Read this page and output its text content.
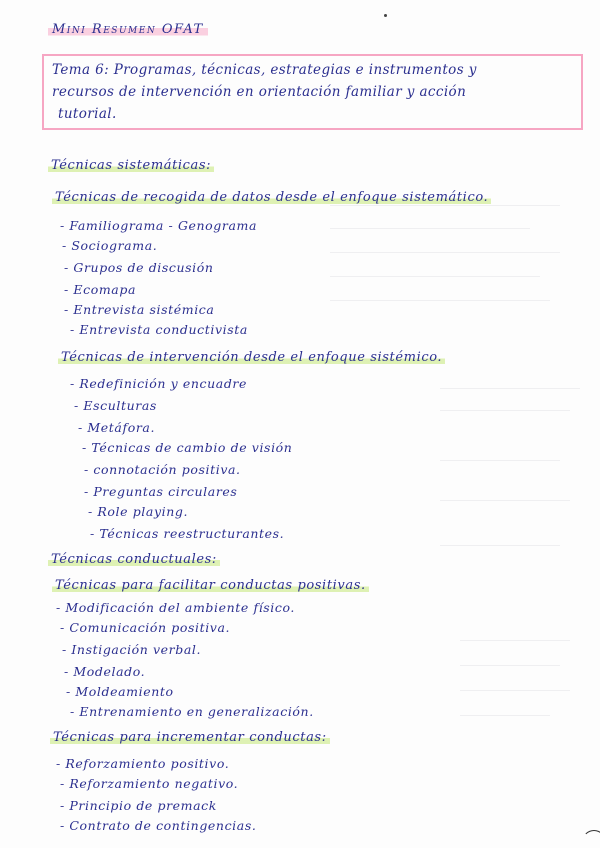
Mini Resumen OFAT
Tema 6: Programas, técnicas, estrategias e instrumentos y
recursos de intervención en orientación familiar y acción
tutorial.
Técnicas sistemáticas:
Técnicas de recogida de datos desde el enfoque sistemático.
- Familiograma - Genograma
- Sociograma.
- Grupos de discusión
- Ecomapa
- Entrevista sistémica
- Entrevista conductivista
Técnicas de intervención desde el enfoque sistémico.
- Redefinición y encuadre
- Esculturas
- Metáfora.
- Técnicas de cambio de visión
- connotación positiva.
- Preguntas circulares
- Role playing.
- Técnicas reestructurantes.
Técnicas conductuales:
Técnicas para facilitar conductas positivas.
- Modificación del ambiente físico.
- Comunicación positiva.
- Instigación verbal.
- Modelado.
- Moldeamiento
- Entrenamiento en generalización.
Técnicas para incrementar conductas:
- Reforzamiento positivo.
- Reforzamiento negativo.
- Principio de premack
- Contrato de contingencias.
